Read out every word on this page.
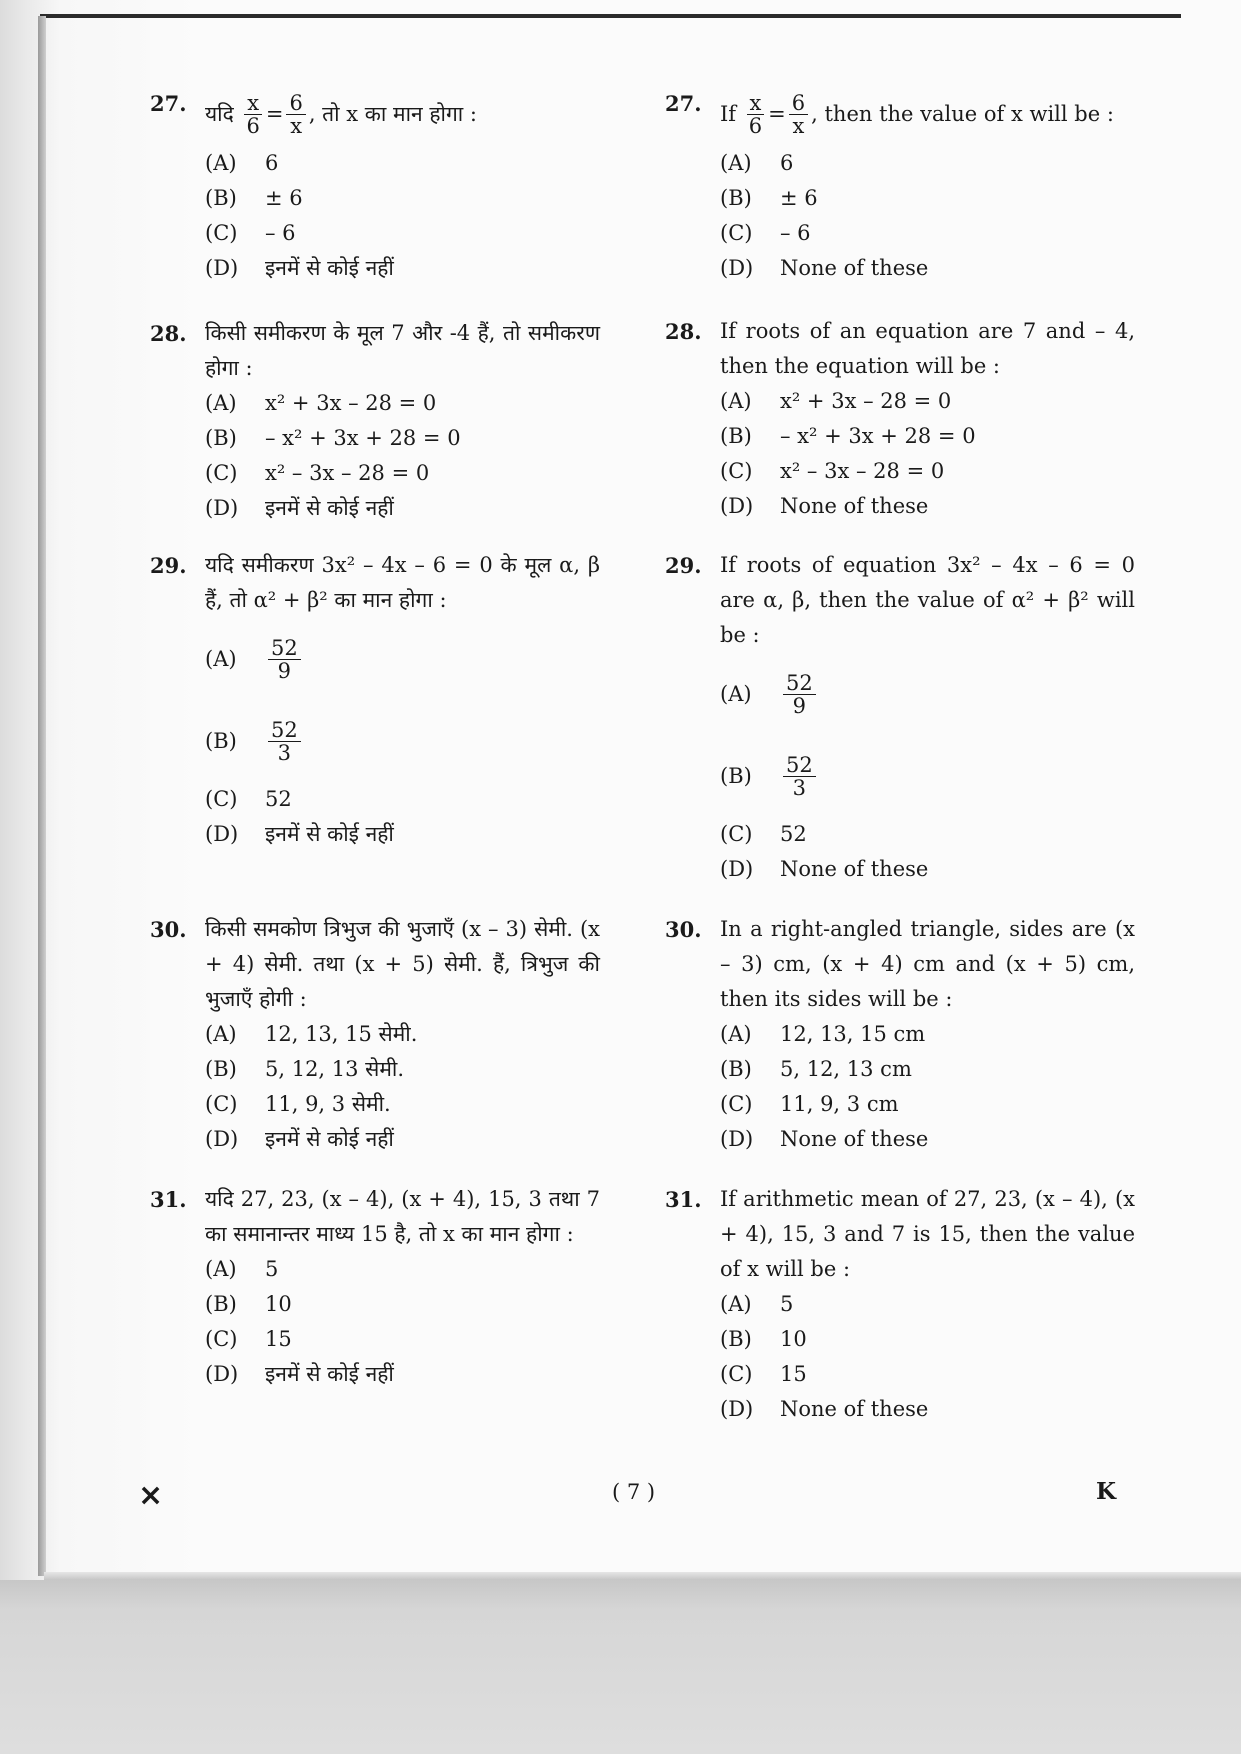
27. यदि
$\frac{x}{6} = \frac{6}{x}$ , तो x का मान होगा :
(A)	6
(B)	± 6
(C)	– 6
(D)	इनमें से कोई नहीं
28. किसी समीकरण के मूल 7 और -4 हैं, तो समीकरण होगा :
(A)	x² + 3x – 28 = 0
(B)	– x² + 3x + 28 = 0
(C)	x² – 3x – 28 = 0
(D)	इनमें से कोई नहीं
29. यदि समीकरण 3x² – 4x – 6 = 0 के मूल α, β हैं, तो α² + β² का मान होगा :
(A)	$\frac{52}{9}$
(B)	$\frac{52}{3}$
(C)	52
(D)	इनमें से कोई नहीं
30. किसी समकोण त्रिभुज की भुजाएँ (x – 3) सेमी. (x + 4) सेमी. तथा (x + 5) सेमी. हैं, त्रिभुज की भुजाएँ होगी :
(A)	12, 13, 15 सेमी.
(B)	5, 12, 13 सेमी.
(C)	11, 9, 3 सेमी.
(D)	इनमें से कोई नहीं
31. यदि 27, 23, (x – 4), (x + 4), 15, 3 तथा 7 का समानान्तर माध्य 15 है, तो x का मान होगा :
(A)	5
(B)	10
(C)	15
(D)	इनमें से कोई नहीं
27. If
$\frac{x}{6} = \frac{6}{x}$ , then the value of x will be :
(A)	6
(B)	± 6
(C)	– 6
(D)	None of these
28. If roots of an equation are 7 and – 4, then the equation will be :
(A)	x² + 3x – 28 = 0
(B)	– x² + 3x + 28 = 0
(C)	x² – 3x – 28 = 0
(D)	None of these
29. If roots of equation 3x² – 4x – 6 = 0 are α, β, then the value of α² + β² will be :
(A)	$\frac{52}{9}$
(B)	$\frac{52}{3}$
(C)	52
(D)	None of these
30. In a right-angled triangle, sides are (x – 3) cm, (x + 4) cm and (x + 5) cm, then its sides will be :
(A)	12, 13, 15 cm
(B)	5, 12, 13 cm
(C)	11, 9, 3 cm
(D)	None of these
31. If arithmetic mean of 27, 23, (x – 4), (x + 4), 15, 3 and 7 is 15, then the value of x will be :
(A)	5
(B)	10
(C)	15
(D)	None of these
×	( 7 )	K
